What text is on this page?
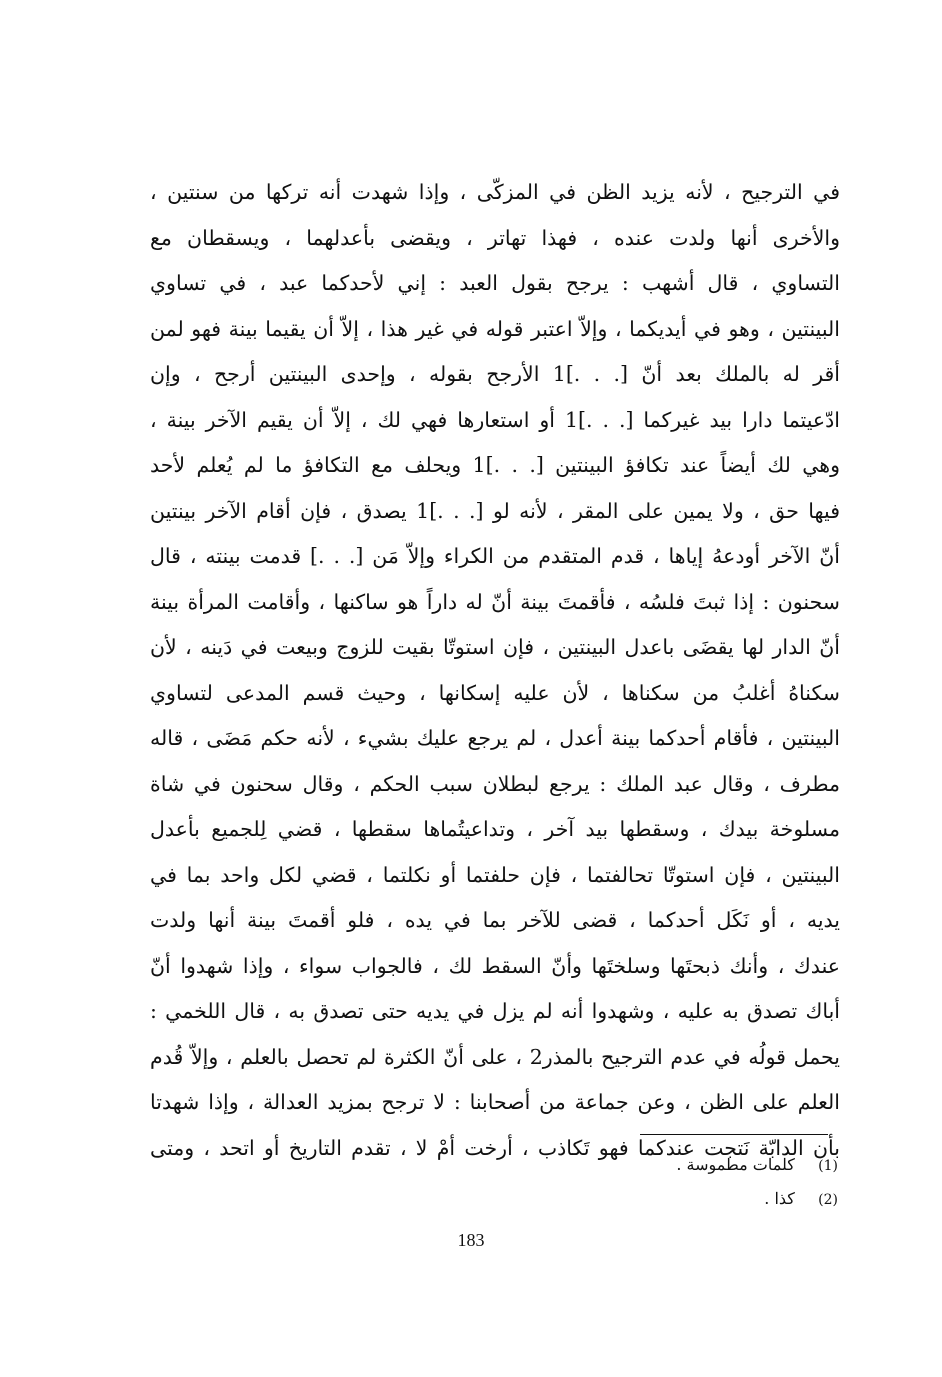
في الترجيح ، لأنه يزيد الظن في المزكّى ، وإذا شهدت أنه تركها من سنتين ،
والأخرى أنها ولدت عنده ، فهذا تهاتر ، ويقضى بأعدلهما ، ويسقطان مع
التساوي ، قال أشهب : يرجح بقول العبد : إني لأحدكما عبد ، في تساوي
البينتين ، وهو في أيديكما ، وإلاّ اعتبر قوله في غير هذا ، إلاّ أن يقيما بينة فهو لمن
أقر له بالملك بعد أنّ [. . .]1 الأرجح بقوله ، وإحدى البينتين أرجح ، وإن
ادّعيتما دارا بيد غيركما [. . .]1 أو استعارها فهي لك ، إلاّ أن يقيم الآخر بينة ،
وهي لك أيضاً عند تكافؤ البينتين [. . .]1 ويحلف مع التكافؤ ما لم يُعلم لأحد
فيها حق ، ولا يمين على المقر ، لأنه لو [. . .]1 يصدق ، فإن أقام الآخر بينتين
أنّ الآخر أودعهُ إياها ، قدم المتقدم من الكراء وإلاّ مَن [. . .] قدمت بينته ، قال
سحنون : إذا ثبتَ فلسُه ، فأقمتَ بينة أنّ له داراً هو ساكنها ، وأقامت المرأة بينة
أنّ الدار لها يقضَى باعدل البينتين ، فإن استوتّا بقيت للزوج وبيعت في دَينه ، لأن
سكناهُ أغلبُ من سكناها ، لأن عليه إسكانها ، وحيث قسم المدعى لتساوي
البينتين ، فأقام أحدكما بينة أعدل ، لم يرجع عليك بشيء ، لأنه حكم مَضَى ، قاله
مطرف ، وقال عبد الملك : يرجع لبطلان سبب الحكم ، وقال سحنون في شاة
مسلوخة بيدك ، وسقطها بيد آخر ، وتداعيتُماها سقطها ، قضي لِلجميع بأعدل
البينتين ، فإن استوتّا تحالفتما ، فإن حلفتما أو نكلتما ، قضي لكل واحد بما في
يديه ، أو نَكَل أحدكما ، قضى للآخر بما في يده ، فلو أقمتَ بينة أنها ولدت
عندك ، وأنك ذبحتَها وسلختَها وأنّ السقط لك ، فالجواب سواء ، وإذا شهدوا أنّ
أباك تصدق به عليه ، وشهدوا أنه لم يزل في يديه حتى تصدق به ، قال اللخمي :
يحمل قولُه في عدم الترجيح بالمذر2 ، على أنّ الكثرة لم تحصل بالعلم ، وإلاّ قُدم
العلم على الظن ، وعن جماعة من أصحابنا : لا ترجح بمزيد العدالة ، وإذا شهدتا
بأن الدابّة نَتجت عندكما فهو تَكاذب ، أرخت أمْ لا ، تقدم التاريخ أو اتحد ، ومتى
(1) كلمات مطموسة .
(2) كذا .
183
